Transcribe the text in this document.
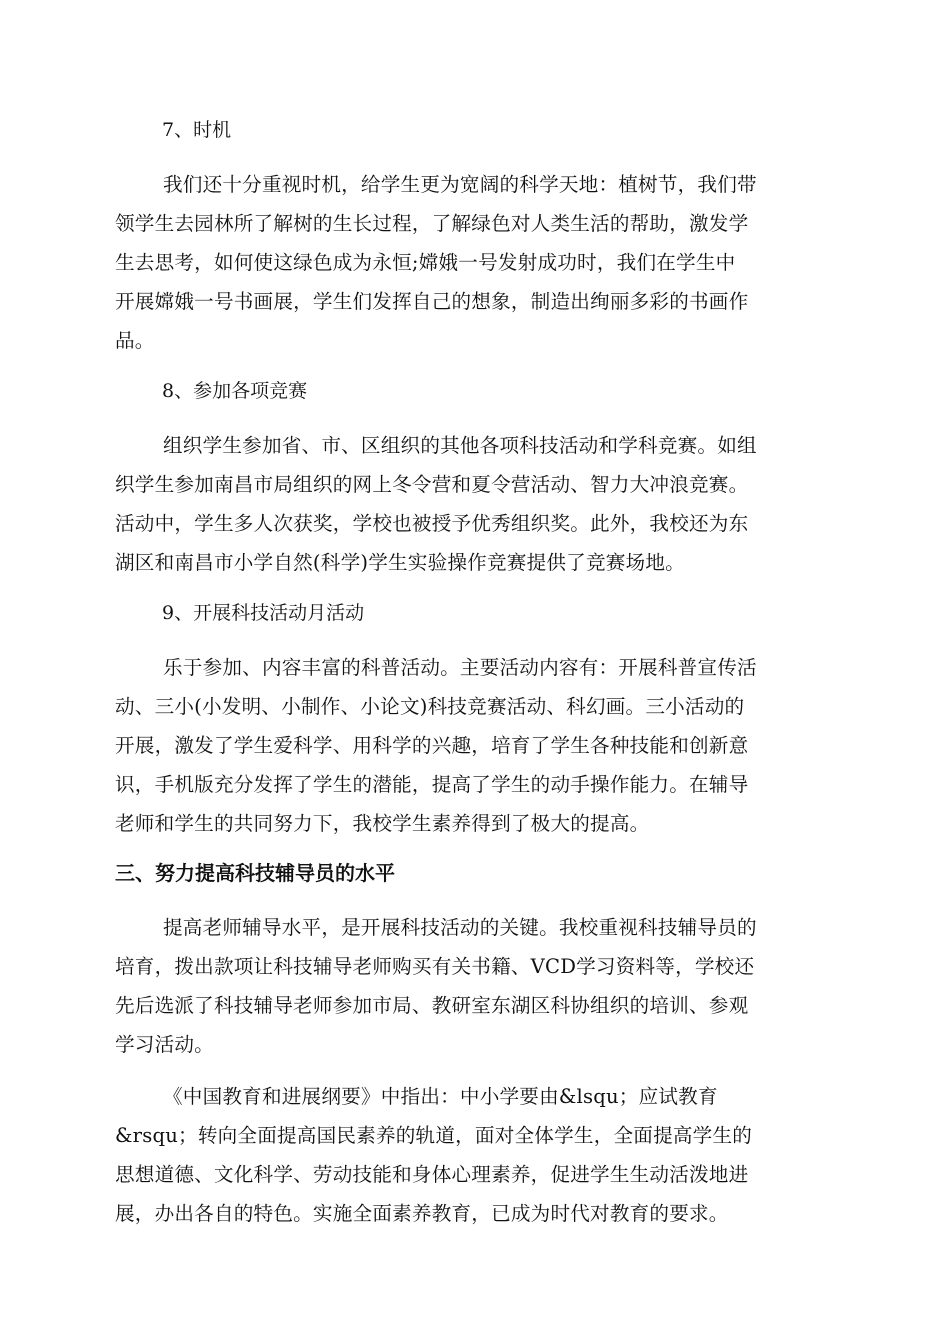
7、时机
我们还十分重视时机，给学生更为宽阔的科学天地：植树节，我们带
领学生去园林所了解树的生长过程，了解绿色对人类生活的帮助，激发学
生去思考，如何使这绿色成为永恒;嫦娥一号发射成功时，我们在学生中
开展嫦娥一号书画展，学生们发挥自己的想象，制造出绚丽多彩的书画作
品。
8、参加各项竞赛
组织学生参加省、市、区组织的其他各项科技活动和学科竞赛。如组
织学生参加南昌市局组织的网上冬令营和夏令营活动、智力大冲浪竞赛。
活动中，学生多人次获奖，学校也被授予优秀组织奖。此外，我校还为东
湖区和南昌市小学自然(科学)学生实验操作竞赛提供了竞赛场地。
9、开展科技活动月活动
乐于参加、内容丰富的科普活动。主要活动内容有：开展科普宣传活
动、三小(小发明、小制作、小论文)科技竞赛活动、科幻画。三小活动的
开展，激发了学生爱科学、用科学的兴趣，培育了学生各种技能和创新意
识，手机版充分发挥了学生的潜能，提高了学生的动手操作能力。在辅导
老师和学生的共同努力下，我校学生素养得到了极大的提高。
三、努力提高科技辅导员的水平
提高老师辅导水平，是开展科技活动的关键。我校重视科技辅导员的
培育，拨出款项让科技辅导老师购买有关书籍、VCD学习资料等，学校还
先后选派了科技辅导老师参加市局、教研室东湖区科协组织的培训、参观
学习活动。
《中国教育和进展纲要》中指出：中小学要由&lsqu；应试教育
&rsqu；转向全面提高国民素养的轨道，面对全体学生，全面提高学生的
思想道德、文化科学、劳动技能和身体心理素养，促进学生生动活泼地进
展，办出各自的特色。实施全面素养教育，已成为时代对教育的要求。
